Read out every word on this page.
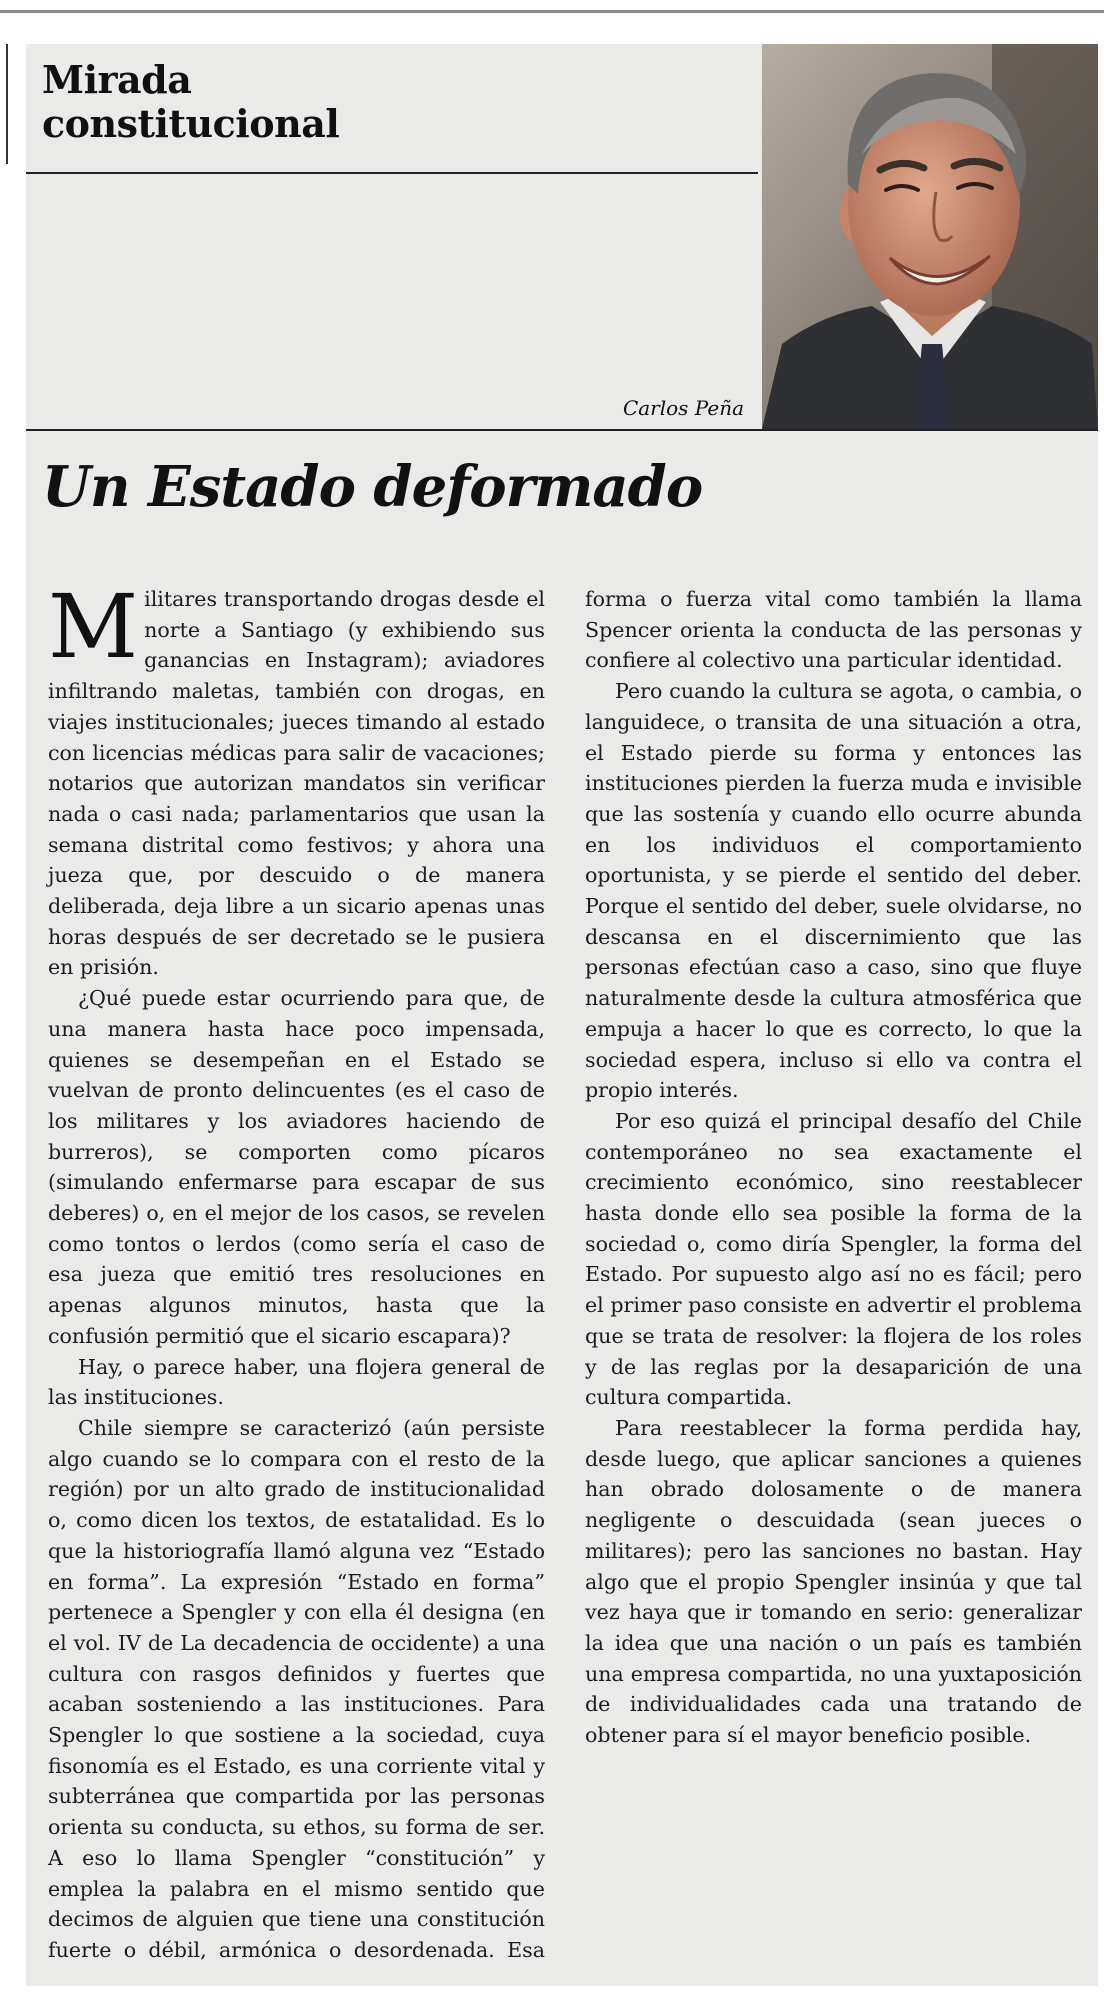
Mirada
constitucional
Carlos Peña
Un Estado deformado

Militares transportando drogas desde el norte a Santiago (y exhibiendo sus ganancias en Instagram); aviadores infiltrando maletas, también con drogas, en viajes institucionales; jueces timando al estado con licencias médicas para salir de vacaciones; notarios que autorizan mandatos sin verificar nada o casi nada; parlamentarios que usan la semana distrital como festivos; y ahora una jueza que, por descuido o de manera deliberada, deja libre a un sicario apenas unas horas después de ser decretado se le pusiera en prisión.

¿Qué puede estar ocurriendo para que, de una manera hasta hace poco impensada, quienes se desempeñan en el Estado se vuelvan de pronto delincuentes (es el caso de los militares y los aviadores haciendo de burreros), se comporten como pícaros (simulando enfermarse para escapar de sus deberes) o, en el mejor de los casos, se revelen como tontos o lerdos (como sería el caso de esa jueza que emitió tres resoluciones en apenas algunos minutos, hasta que la confusión permitió que el sicario escapara)?

Hay, o parece haber, una flojera general de las instituciones.

Chile siempre se caracterizó (aún persiste algo cuando se lo compara con el resto de la región) por un alto grado de institucionalidad o, como dicen los textos, de estatalidad. Es lo que la historiografía llamó alguna vez “Estado en forma”. La expresión “Estado en forma” pertenece a Spengler y con ella él designa (en el vol. IV de La decadencia de occidente) a una cultura con rasgos definidos y fuertes que acaban sosteniendo a las instituciones. Para Spengler lo que sostiene a la sociedad, cuya fisonomía es el Estado, es una corriente vital y subterránea que compartida por las personas orienta su conducta, su ethos, su forma de ser. A eso lo llama Spengler “constitución” y emplea la palabra en el mismo sentido que decimos de alguien que tiene una constitución fuerte o débil, armónica o desordenada. Esa forma o fuerza vital como también la llama Spencer orienta la conducta de las personas y confiere al colectivo una particular identidad.

Pero cuando la cultura se agota, o cambia, o languidece, o transita de una situación a otra, el Estado pierde su forma y entonces las instituciones pierden la fuerza muda e invisible que las sostenía y cuando ello ocurre abunda en los individuos el comportamiento oportunista, y se pierde el sentido del deber. Porque el sentido del deber, suele olvidarse, no descansa en el discernimiento que las personas efectúan caso a caso, sino que fluye naturalmente desde la cultura atmosférica que empuja a hacer lo que es correcto, lo que la sociedad espera, incluso si ello va contra el propio interés.

Por eso quizá el principal desafío del Chile contemporáneo no sea exactamente el crecimiento económico, sino reestablecer hasta donde ello sea posible la forma de la sociedad o, como diría Spengler, la forma del Estado. Por supuesto algo así no es fácil; pero el primer paso consiste en advertir el problema que se trata de resolver: la flojera de los roles y de las reglas por la desaparición de una cultura compartida.

Para reestablecer la forma perdida hay, desde luego, que aplicar sanciones a quienes han obrado dolosamente o de manera negligente o descuidada (sean jueces o militares); pero las sanciones no bastan. Hay algo que el propio Spengler insinúa y que tal vez haya que ir tomando en serio: generalizar la idea que una nación o un país es también una empresa compartida, no una yuxtaposición de individualidades cada una tratando de obtener para sí el mayor beneficio posible.
